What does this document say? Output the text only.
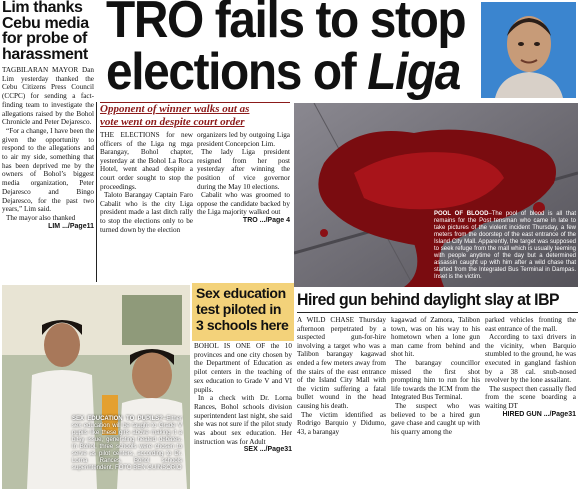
Lim thanks
Cebu media
for probe of
harassment
TRO fails to stop
elections of Liga

TAGBILARAN MAYOR Dan Lim yesterday thanked the Cebu Citizens Press Council (CCPC) for sending a fact-finding team to investigate the allegations raised by the Bohol Chronicle and Peter Dejaresco.

“For a change, I have been the given the opportunity to respond to the allegations and to air my side, something that has been deprived me by the owners of Bohol’s biggest media organization, Peter Dejaresco and Bingo Dejaresco, for the past two years,” Lim said.

The mayor also thanked

LIM .../Page11
Opponent of winner walks out as
vote went on despite court order

THE ELECTIONS for new officers of the Liga ng mga Barangay, Bohol chapter, yesterday at the Bohol La Roca Hotel, went ahead despite a court order sought to stop the proceedings.

Taloto Barangay Captain Faro Cabalit who is the city Liga president made a last ditch rally to stop the elections only to be turned down by the election

organizers led by outgoing Liga president Concepcion Lim.

The lady Liga president resigned from her post yesterday after winning the position of vice governor during the May 10 elections.

Cabalit who was groomed to oppose the candidate backed by the Liga majority walked out

TRO .../Page 4
POOL OF BLOOD–The pool of blood is all that remains for the Post tensman who came in late to take pictures of the violent incident Thursday, a few meters from the doorstep of the east entrance of the Island City Mall. Apparently, the target was supposed to seek refuge from the mall which is usually teeming with people anytime of the day but a determined assassin caught up with him after a wild chase that started from the Integrated Bus Terminal in Dampas. Inset is the victim.
SEX EDUCATION TO PUPILS?–Either sex education will be taught to Grade V pupils like these girls above making it a bitsy issue, generating heated debates. In Bohol, three schools were chosen to serve as pilot centers, according to Dr. Lorna Rances, Bohol schools superintendent. FOTO BEN GUINSORIO
Sex education
test piloted in
3 schools here

BOHOL IS ONE OF the 10 provinces and one city chosen by the Department of Education as pilot centers in the teaching of sex education to Grade V and VI pupils.

In a check with Dr. Lorna Rances, Bohol schools division superintendent last night, she said she was not sure if the pilot study was about sex education. Her instruction was for Adult

SEX .../Page31
Hired gun behind daylight slay at IBP

A WILD CHASE Thursday afternoon perpetrated by a suspected gun-for-hire involving a target who was a Talibon barangay kagawad ended a few meters away from the stairs of the east entrance of the Island City Mall with the victim suffering a fatal bullet wound in the head causing his death.

The victim identified as Rodrigo Barquio y Didumo, 43, a barangay

kagawad of Zamora, Talibon town, was on his way to his hometown when a lone gun man came from behind and shot hit.

The barangay councillor missed the first shot prompting him to run for his life towards the ICM from the Integrated Bus Terminal.

The suspect who was believed to be a hired gun gave chase and caught up with his quarry among the

parked vehicles fronting the east entrance of the mall.

According to taxi drivers in the vicinity, when Barquio stumbled to the ground, he was executed in gangland fashion by a 38 cal. snub-nosed revolver by the lone assailant.

The suspect then casually fled from the scene boarding a waiting DT

HIRED GUN .../Page31
